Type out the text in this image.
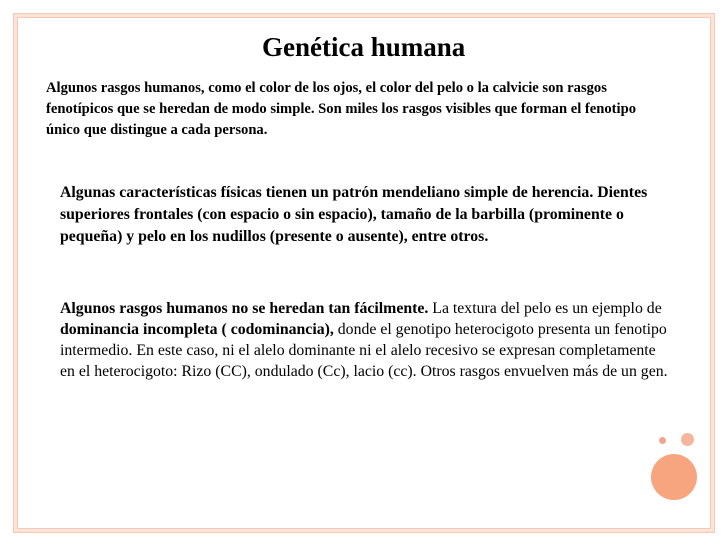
Genética humana
Algunos rasgos humanos, como el color de los ojos, el color del pelo o la calvicie son rasgos fenotípicos que se heredan de modo simple. Son miles los rasgos visibles que forman el fenotipo único que distingue a cada persona.
Algunas características físicas tienen un patrón mendeliano simple de herencia. Dientes superiores frontales (con espacio o sin espacio), tamaño de la barbilla (prominente o pequeña) y pelo en los nudillos (presente o ausente), entre otros.
Algunos rasgos humanos no se heredan tan fácilmente. La textura del pelo es un ejemplo de dominancia incompleta ( codominancia), donde el genotipo heterocigoto presenta un fenotipo intermedio. En este caso, ni el alelo dominante ni el alelo recesivo se expresan completamente en el heterocigoto: Rizo (CC), ondulado (Cc), lacio (cc). Otros rasgos envuelven más de un gen.
